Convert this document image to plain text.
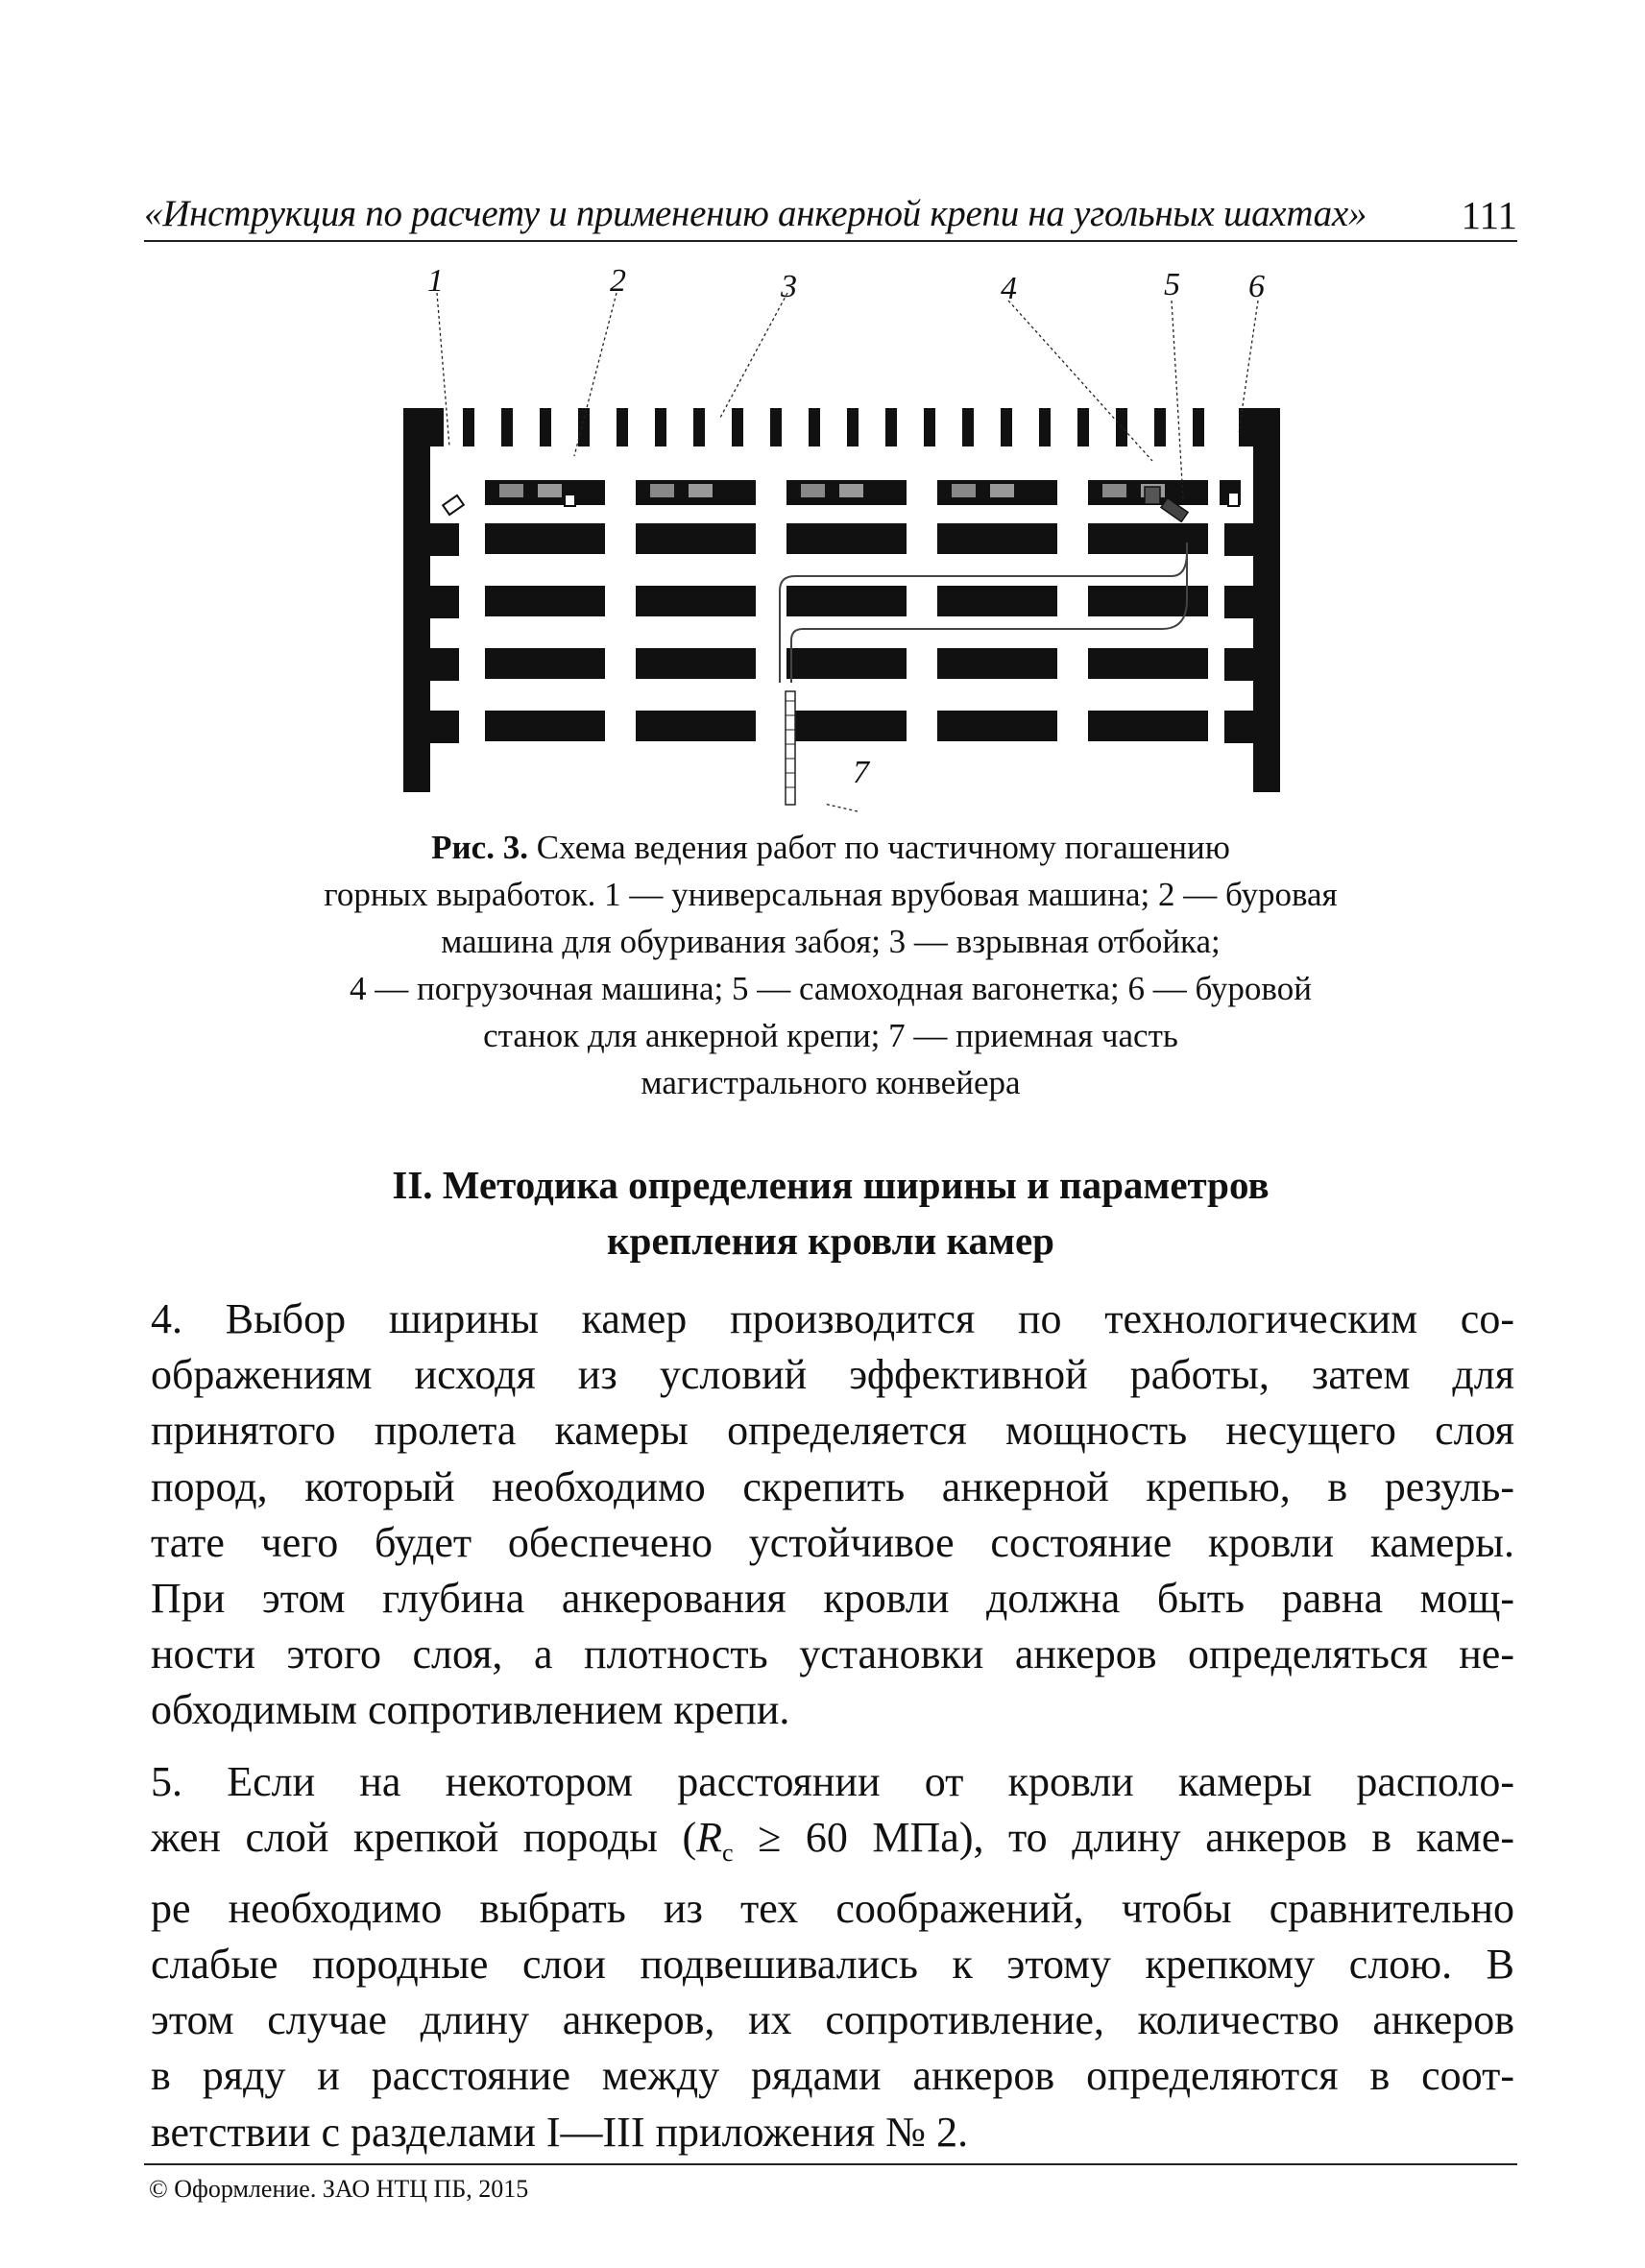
«Инструкция по расчету и применению анкерной крепи на угольных шахтах» 111
1	2	3	4	5 6
7
Рис. 3. Схема ведения работ по частичному погашению
горных выработок. 1 — универсальная врубовая машина; 2 — буровая
машина для обуривания забоя; 3 — взрывная отбойка;
4 — погрузочная машина; 5 — самоходная вагонетка; 6 — буровой
станок для анкерной крепи; 7 — приемная часть
магистрального конвейера
II. Методика определения ширины и параметров
крепления кровли камер
4. Выбор ширины камер производится по технологическим со-
ображениям исходя из условий эффективной работы, затем для
принятого пролета камеры определяется мощность несущего слоя
пород, который необходимо скрепить анкерной крепью, в резуль-
тате чего будет обеспечено устойчивое состояние кровли камеры.
При этом глубина анкерования кровли должна быть равна мощ-
ности этого слоя, а плотность установки анкеров определяться не-
обходимым сопротивлением крепи.
5. Если на некотором расстоянии от кровли камеры располо-
жен слой крепкой породы ($R_с \ge 60$ МПа), то длину анкеров в каме-
ре необходимо выбрать из тех соображений, чтобы сравнительно
слабые породные слои подвешивались к этому крепкому слою. В
этом случае длину анкеров, их сопротивление, количество анкеров
в ряду и расстояние между рядами анкеров определяются в соот-
ветствии с разделами I—III приложения № 2.
© Оформление. ЗАО НТЦ ПБ, 2015
